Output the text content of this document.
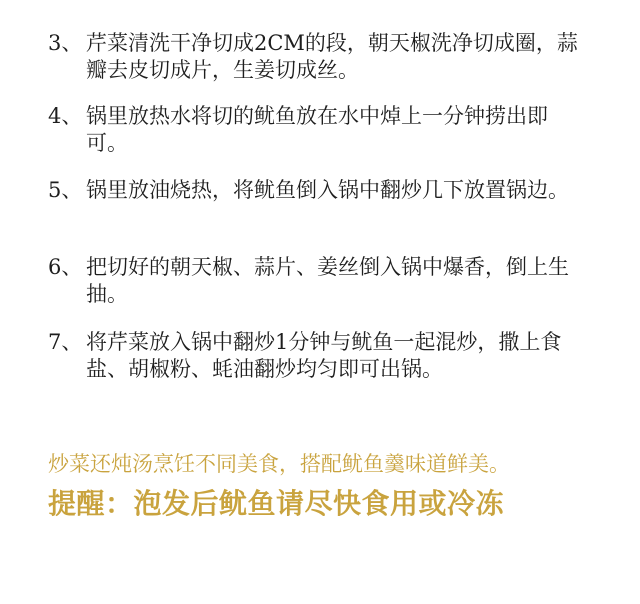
3、 芹菜清洗干净切成2CM的段，朝天椒洗净切成圈，蒜瓣去皮切成片，生姜切成丝。
4、 锅里放热水将切的鱿鱼放在水中焯上一分钟捞出即可。
5、 锅里放油烧热，将鱿鱼倒入锅中翻炒几下放置锅边。
6、 把切好的朝天椒、蒜片、姜丝倒入锅中爆香，倒上生抽。
7、 将芹菜放入锅中翻炒1分钟与鱿鱼一起混炒，撒上食盐、胡椒粉、蚝油翻炒均匀即可出锅。
炒菜还炖汤烹饪不同美食，搭配鱿鱼羹味道鲜美。
提醒：泡发后鱿鱼请尽快食用或冷冻
